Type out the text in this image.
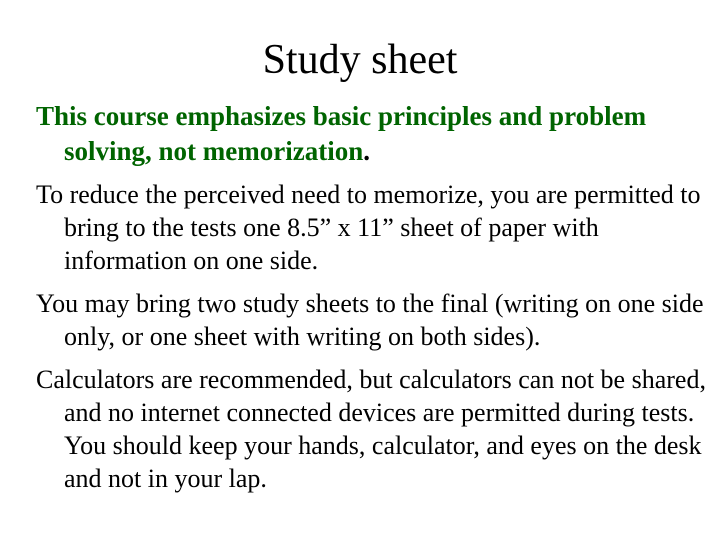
Study sheet

This course emphasizes basic principles and problem solving, not memorization.

To reduce the perceived need to memorize, you are permitted to bring to the tests one 8.5” x 11” sheet of paper with information on one side.

You may bring two study sheets to the final (writing on one side only, or one sheet with writing on both sides).

Calculators are recommended, but calculators can not be shared, and no internet connected devices are permitted during tests. You should keep your hands, calculator, and eyes on the desk and not in your lap.
